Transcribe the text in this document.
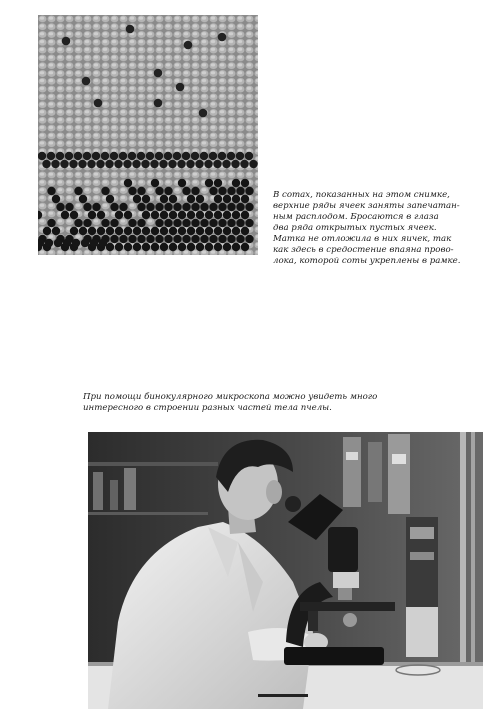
В сотах, показанных на этом снимке,
верхние ряды ячеек заняты запечатан-
ным расплодом. Бросаются в глаза
два ряда открытых пустых ячеек.
Матка не отложила в них яичек, так
как здесь в средостение впаяна прово-
лока, которой соты укреплены в рамке.

При помощи бинокулярного микроскопа можно увидеть много
интересного в строении разных частей тела пчелы.
